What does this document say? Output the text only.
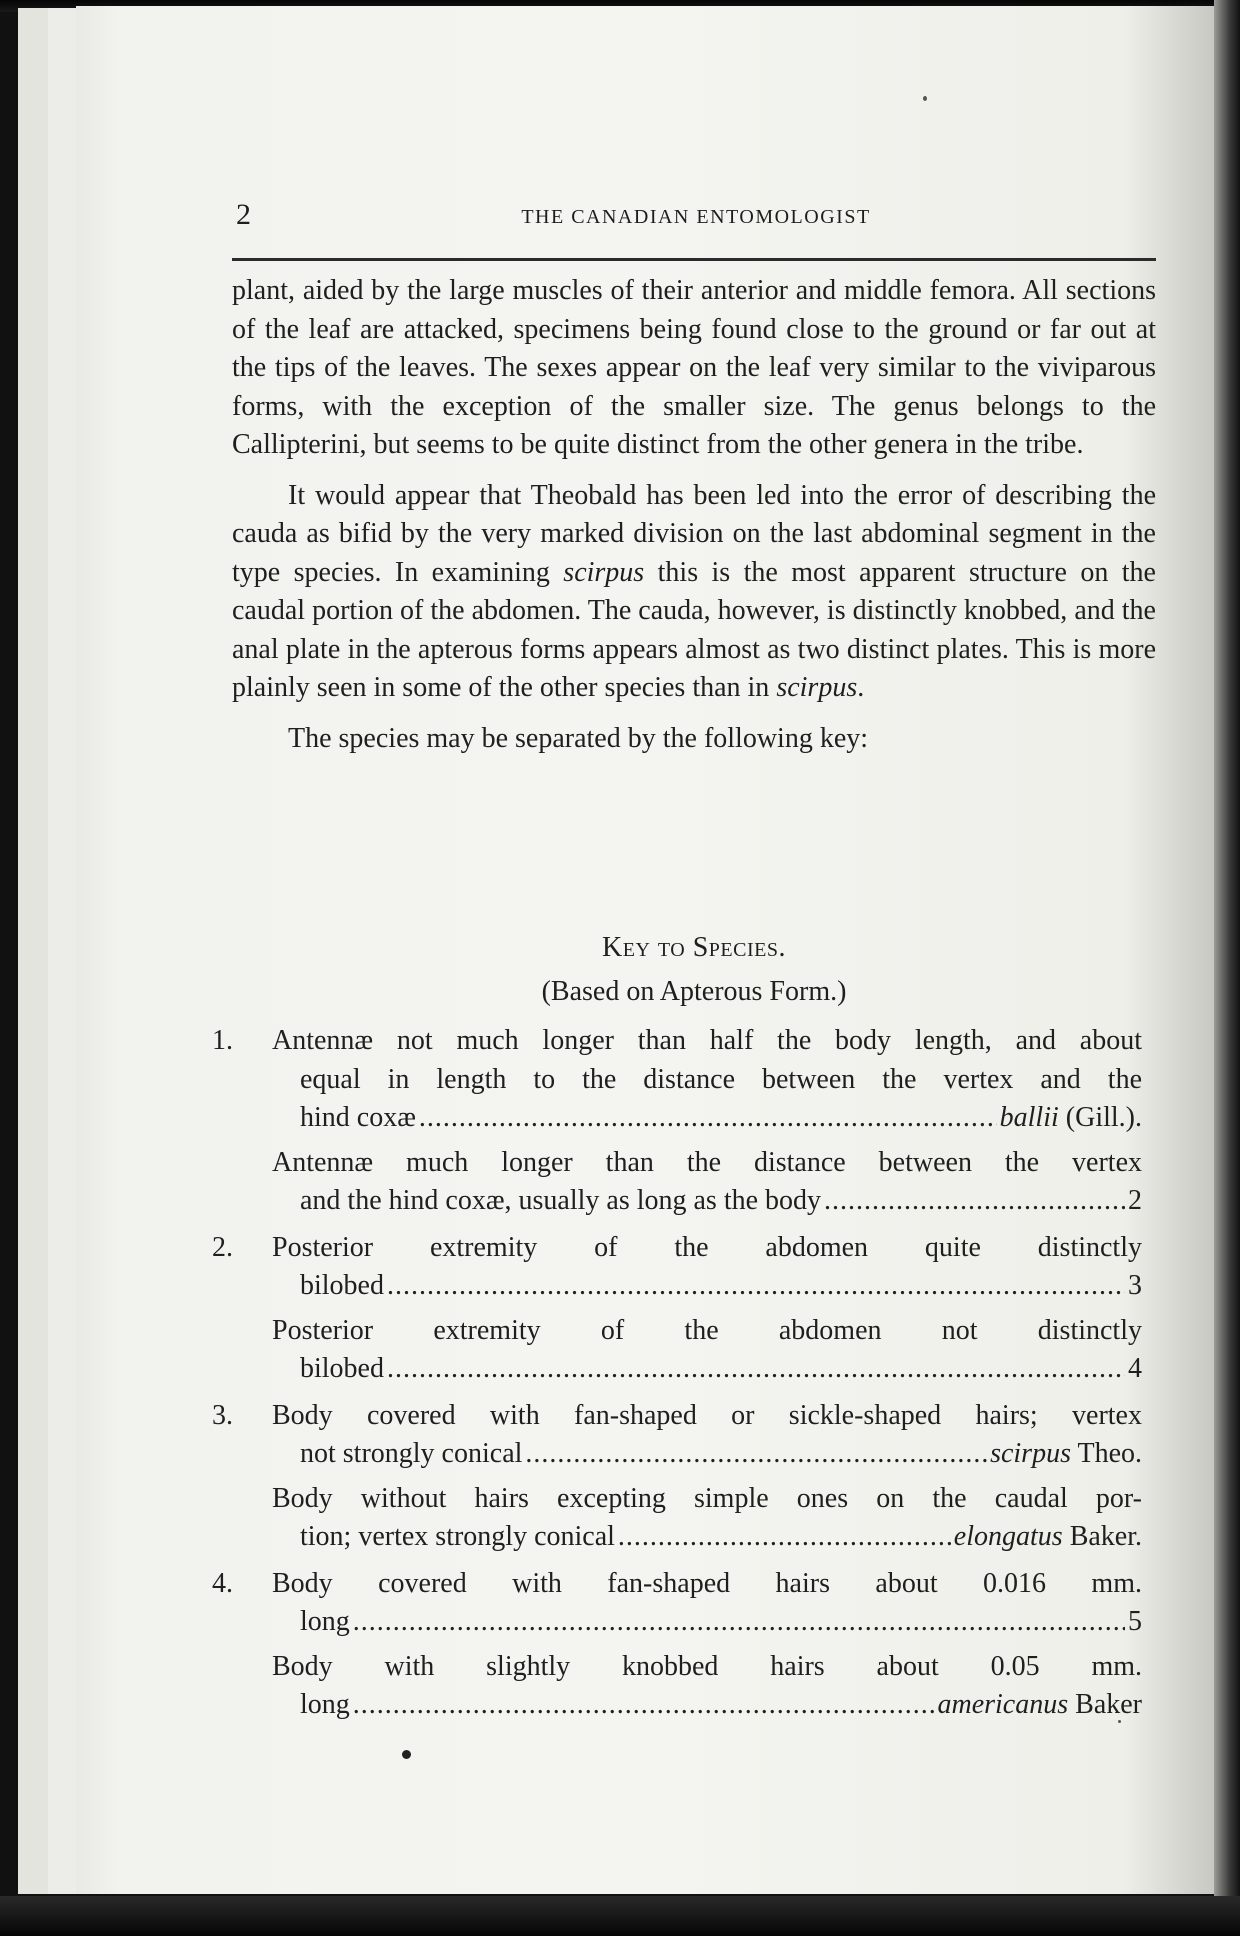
2	THE CANADIAN ENTOMOLOGIST

plant, aided by the large muscles of their anterior and middle femora. All sections of the leaf are attacked, specimens being found close to the ground or far out at the tips of the leaves. The sexes appear on the leaf very similar to the viviparous forms, with the exception of the smaller size. The genus belongs to the Callipterini, but seems to be quite distinct from the other genera in the tribe.

It would appear that Theobald has been led into the error of describing the cauda as bifid by the very marked division on the last abdominal segment in the type species. In examining scirpus this is the most apparent structure on the caudal portion of the abdomen. The cauda, however, is distinctly knobbed, and the anal plate in the apterous forms appears almost as two distinct plates. This is more plainly seen in some of the other species than in scirpus.

The species may be separated by the following key:

Key to Species.
(Based on Apterous Form.)
1. Antennæ not much longer than half the body length, and about
equal in length to the distance between the vertex and the
hind coxæ .....	ballii (Gill.).
Antennæ much longer than the distance between the vertex
and the hind coxæ, usually as long as the body .....	2
2. Posterior extremity of the abdomen quite distinctly
bilobed .....	3
Posterior extremity of the abdomen not distinctly
bilobed .....	4
3. Body covered with fan-shaped or sickle-shaped hairs; vertex
not strongly conical .....	scirpus Theo.
Body without hairs excepting simple ones on the caudal por-
tion; vertex strongly conical .....	elongatus Baker.
4. Body covered with fan-shaped hairs about 0.016 mm.
long .....	5
Body with slightly knobbed hairs about 0.05 mm.
long .....	americanus Baker
